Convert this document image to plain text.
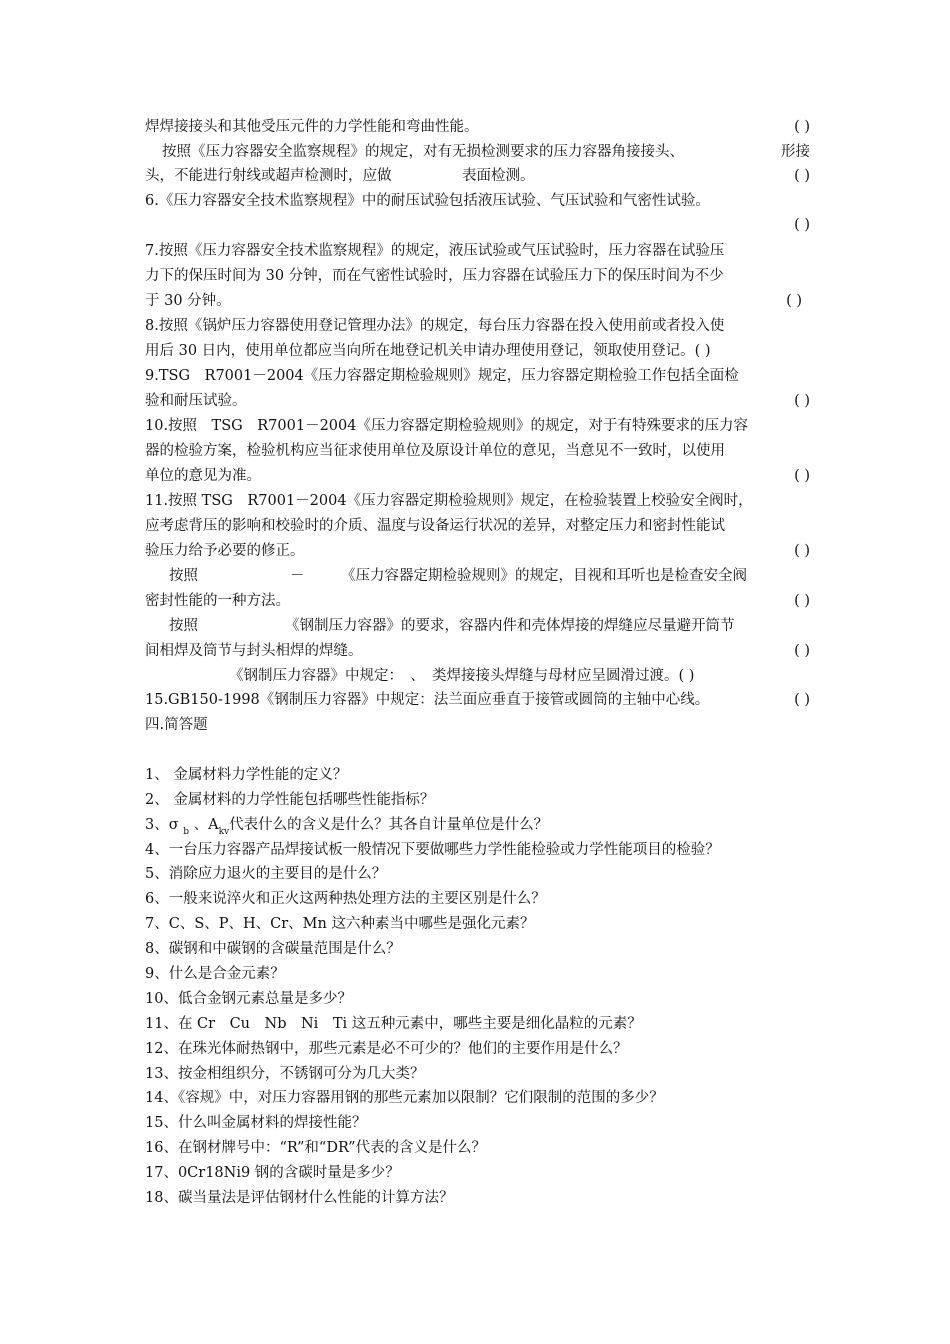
焊焊接接头和其他受压元件的力学性能和弯曲性能。	( )
按照《压力容器安全监察规程》的规定，对有无损检测要求的压力容器角接接头、	形接
头，不能进行射线或超声检测时，应做	表面检测。	( )
6.《压力容器安全技术监察规程》中的耐压试验包括液压试验、气压试验和气密性试验。
( )
7.按照《压力容器安全技术监察规程》的规定，液压试验或气压试验时，压力容器在试验压
力下的保压时间为 30 分钟，而在气密性试验时，压力容器在试验压力下的保压时间为不少
于 30 分钟。	( )
8.按照《锅炉压力容器使用登记管理办法》的规定，每台压力容器在投入使用前或者投入使
用后 30 日内，使用单位都应当向所在地登记机关申请办理使用登记，领取使用登记。( )
9.TSG　R7001－2004《压力容器定期检验规则》规定，压力容器定期检验工作包括全面检
验和耐压试验。	( )
10.按照　TSG　R7001－2004《压力容器定期检验规则》的规定，对于有特殊要求的压力容
器的检验方案，检验机构应当征求使用单位及原设计单位的意见，当意见不一致时，以使用
单位的意见为准。	( )
11.按照 TSG　R7001－2004《压力容器定期检验规则》规定，在检验装置上校验安全阀时，
应考虑背压的影响和校验时的介质、温度与设备运行状况的差异，对整定压力和密封性能试
验压力给予必要的修正。	( )
按照	－	《压力容器定期检验规则》的规定，目视和耳听也是检查安全阀
密封性能的一种方法。	( )
按照	《钢制压力容器》的要求，容器内件和壳体焊接的焊缝应尽量避开筒节
间相焊及筒节与封头相焊的焊缝。	( )
《钢制压力容器》中规定：　、　类焊接接头焊缝与母材应呈圆滑过渡。( )
15.GB150-1998《钢制压力容器》中规定：法兰面应垂直于接管或圆筒的主轴中心线。	( )
四.简答题
1、 金属材料力学性能的定义？
2、 金属材料的力学性能包括哪些性能指标？
3、σ $_b$ 、$A_{kv}$代表什么的含义是什么？其各自计量单位是什么？
4、一台压力容器产品焊接试板一般情况下要做哪些力学性能检验或力学性能项目的检验？
5、消除应力退火的主要目的是什么？
6、一般来说淬火和正火这两种热处理方法的主要区别是什么？
7、C、S、P、H、Cr、Mn 这六种素当中哪些是强化元素？
8、碳钢和中碳钢的含碳量范围是什么？
9、什么是合金元素？
10、低合金钢元素总量是多少？
11、在 Cr　Cu　Nb　Ni　Ti 这五种元素中，哪些主要是细化晶粒的元素？
12、在珠光体耐热钢中，那些元素是必不可少的？他们的主要作用是什么？
13、按金相组织分，不锈钢可分为几大类？
14、《容规》中，对压力容器用钢的那些元素加以限制？它们限制的范围的多少？
15、什么叫金属材料的焊接性能？
16、在钢材牌号中：“R”和“DR”代表的含义是什么？
17、0Cr18Ni9 钢的含碳时量是多少？
18、碳当量法是评估钢材什么性能的计算方法？
